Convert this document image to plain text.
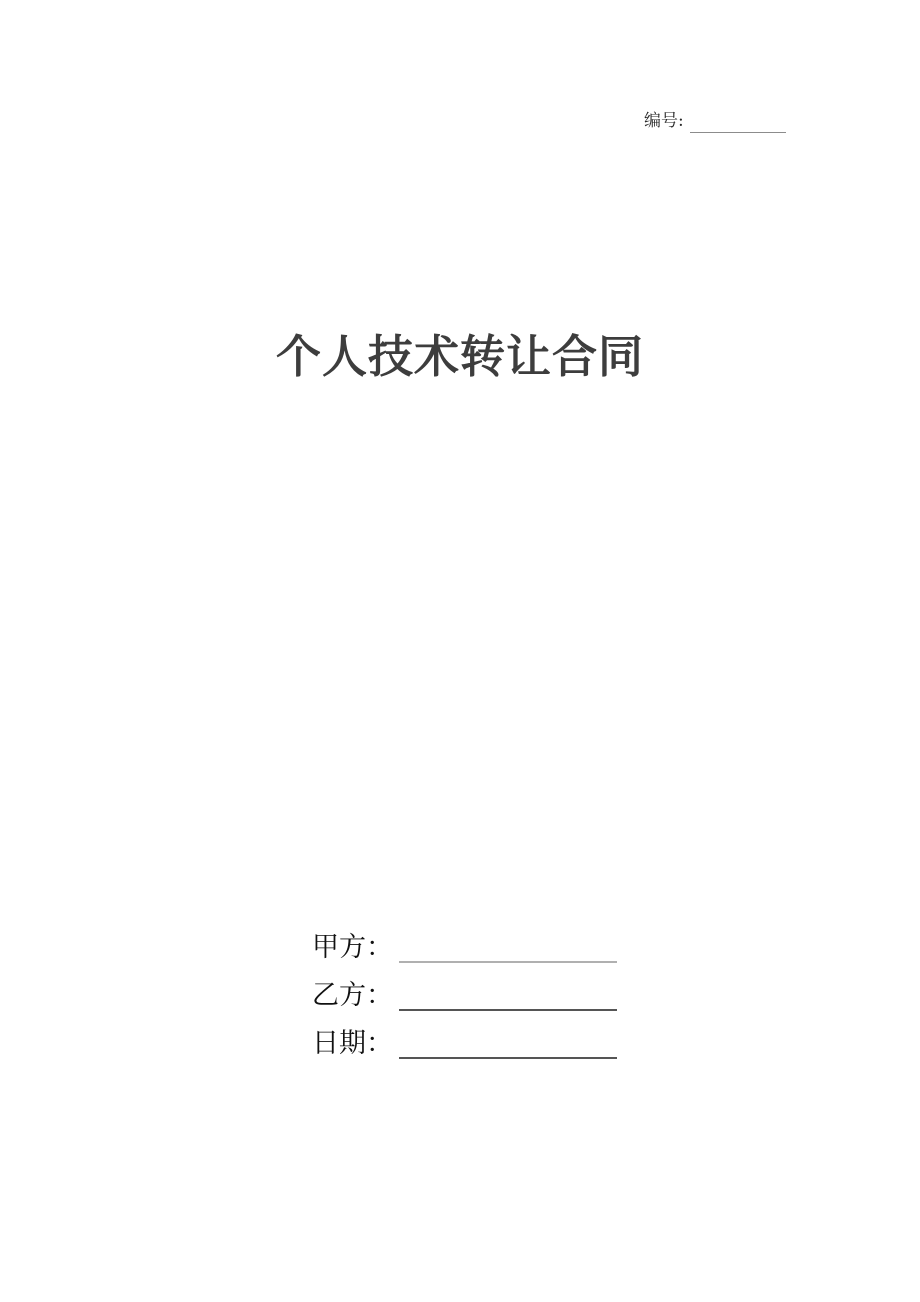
编号:
个人技术转让合同
甲方：
乙方：
日期：
